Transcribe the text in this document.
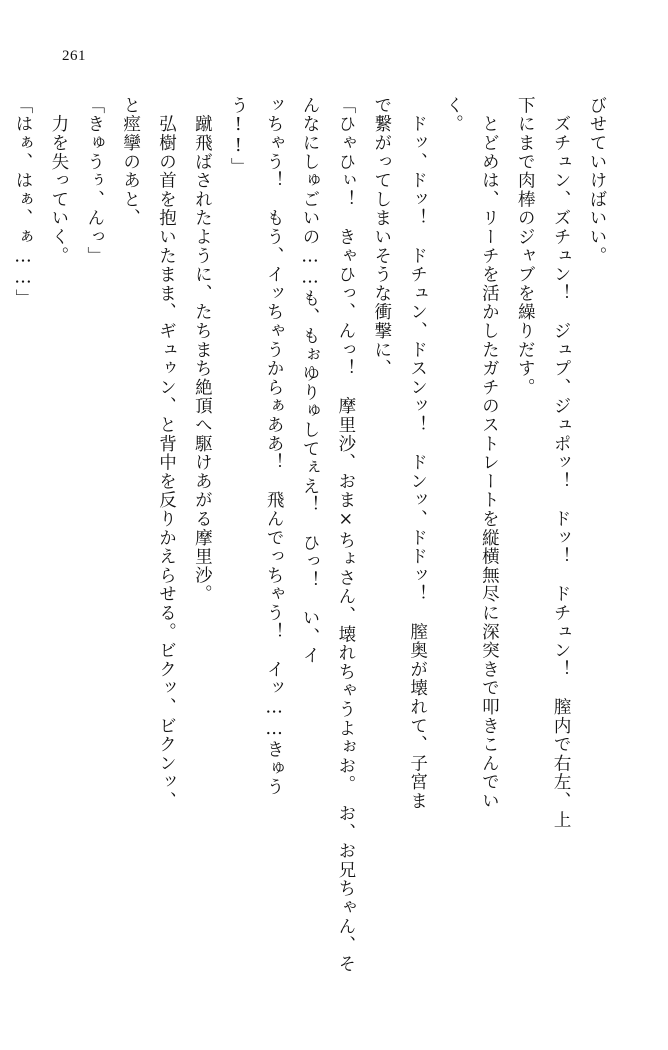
261
びせていけばいい。
　ズチュン、ズチュン！　ジュプ、ジュポッ！　ドッ！　ドチュン！　膣内で右左、上
下にまで肉棒のジャブを繰りだす。
　とどめは、リーチを活かしたガチのストレートを縦横無尽に深突きで叩きこんでい
く。
　ドッ、ドッ！　ドチュン、ドスンッ！　ドンッ、ドドッ！　膣奥が壊れて、子宮ま
で繋がってしまいそうな衝撃に、
「ひゃひぃ！　きゃひっ、んっ！　摩里沙、おま×ちょさん、壊れちゃうよぉお。　お、お兄ちゃん、そ
んなにしゅごいの……も、もぉゆりゅしてぇえ！　ひっ！　い、イ
ッちゃう！　もう、イッちゃうからぁああ！　飛んでっちゃう！　イッ……きゅう
う!!」
　蹴飛ばされたように、たちまち絶頂へ駆けあがる摩里沙。
　弘樹の首を抱いたまま、ギュゥン、と背中を反りかえらせる。ビクッ、ビクンッ、
と痙攣のあと、
「きゅうぅ、んっ」
　力を失っていく。
「はぁ、はぁ、ぁ……」
